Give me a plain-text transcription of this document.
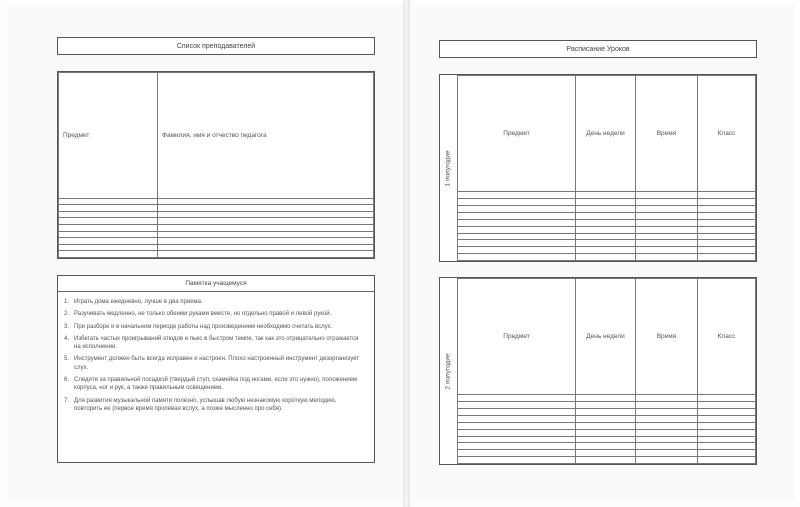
Список преподавателей
Предмет	Фамилия, имя и отчество педагога

Памятка учащемуся
1. Играть дома ежедневно, лучше в два приема.
2. Разучивать медленно, не только обеими руками вместе, но отдельно правой и левой рукой.
3. При разборе и в начальном периоде работы над произведением необходимо считать вслух.
4. Избегать частых проигрываний этюдов и пьес в быстром темпе, так как это отрицательно отражается на исполнении.
5. Инструмент должен быть всегда исправен и настроен. Плохо настроенный инструмент дезорганизует слух.
6. Следите за правильной посадкой (твердый стул, скамейка под ногами, если это нужно), положением корпуса, ног и рук, а также правильным освещением.
7. Для развития музыкальной памяти полезно, услышав любую незнакомую короткую мелодию, повторить ее (первое время пропевая вслух, а позже мысленно про себя).
Расписание Уроков
1 полугодие
Предмет	День недели	Время	Класс

2 полугодие
Предмет	День недели	Время	Класс
